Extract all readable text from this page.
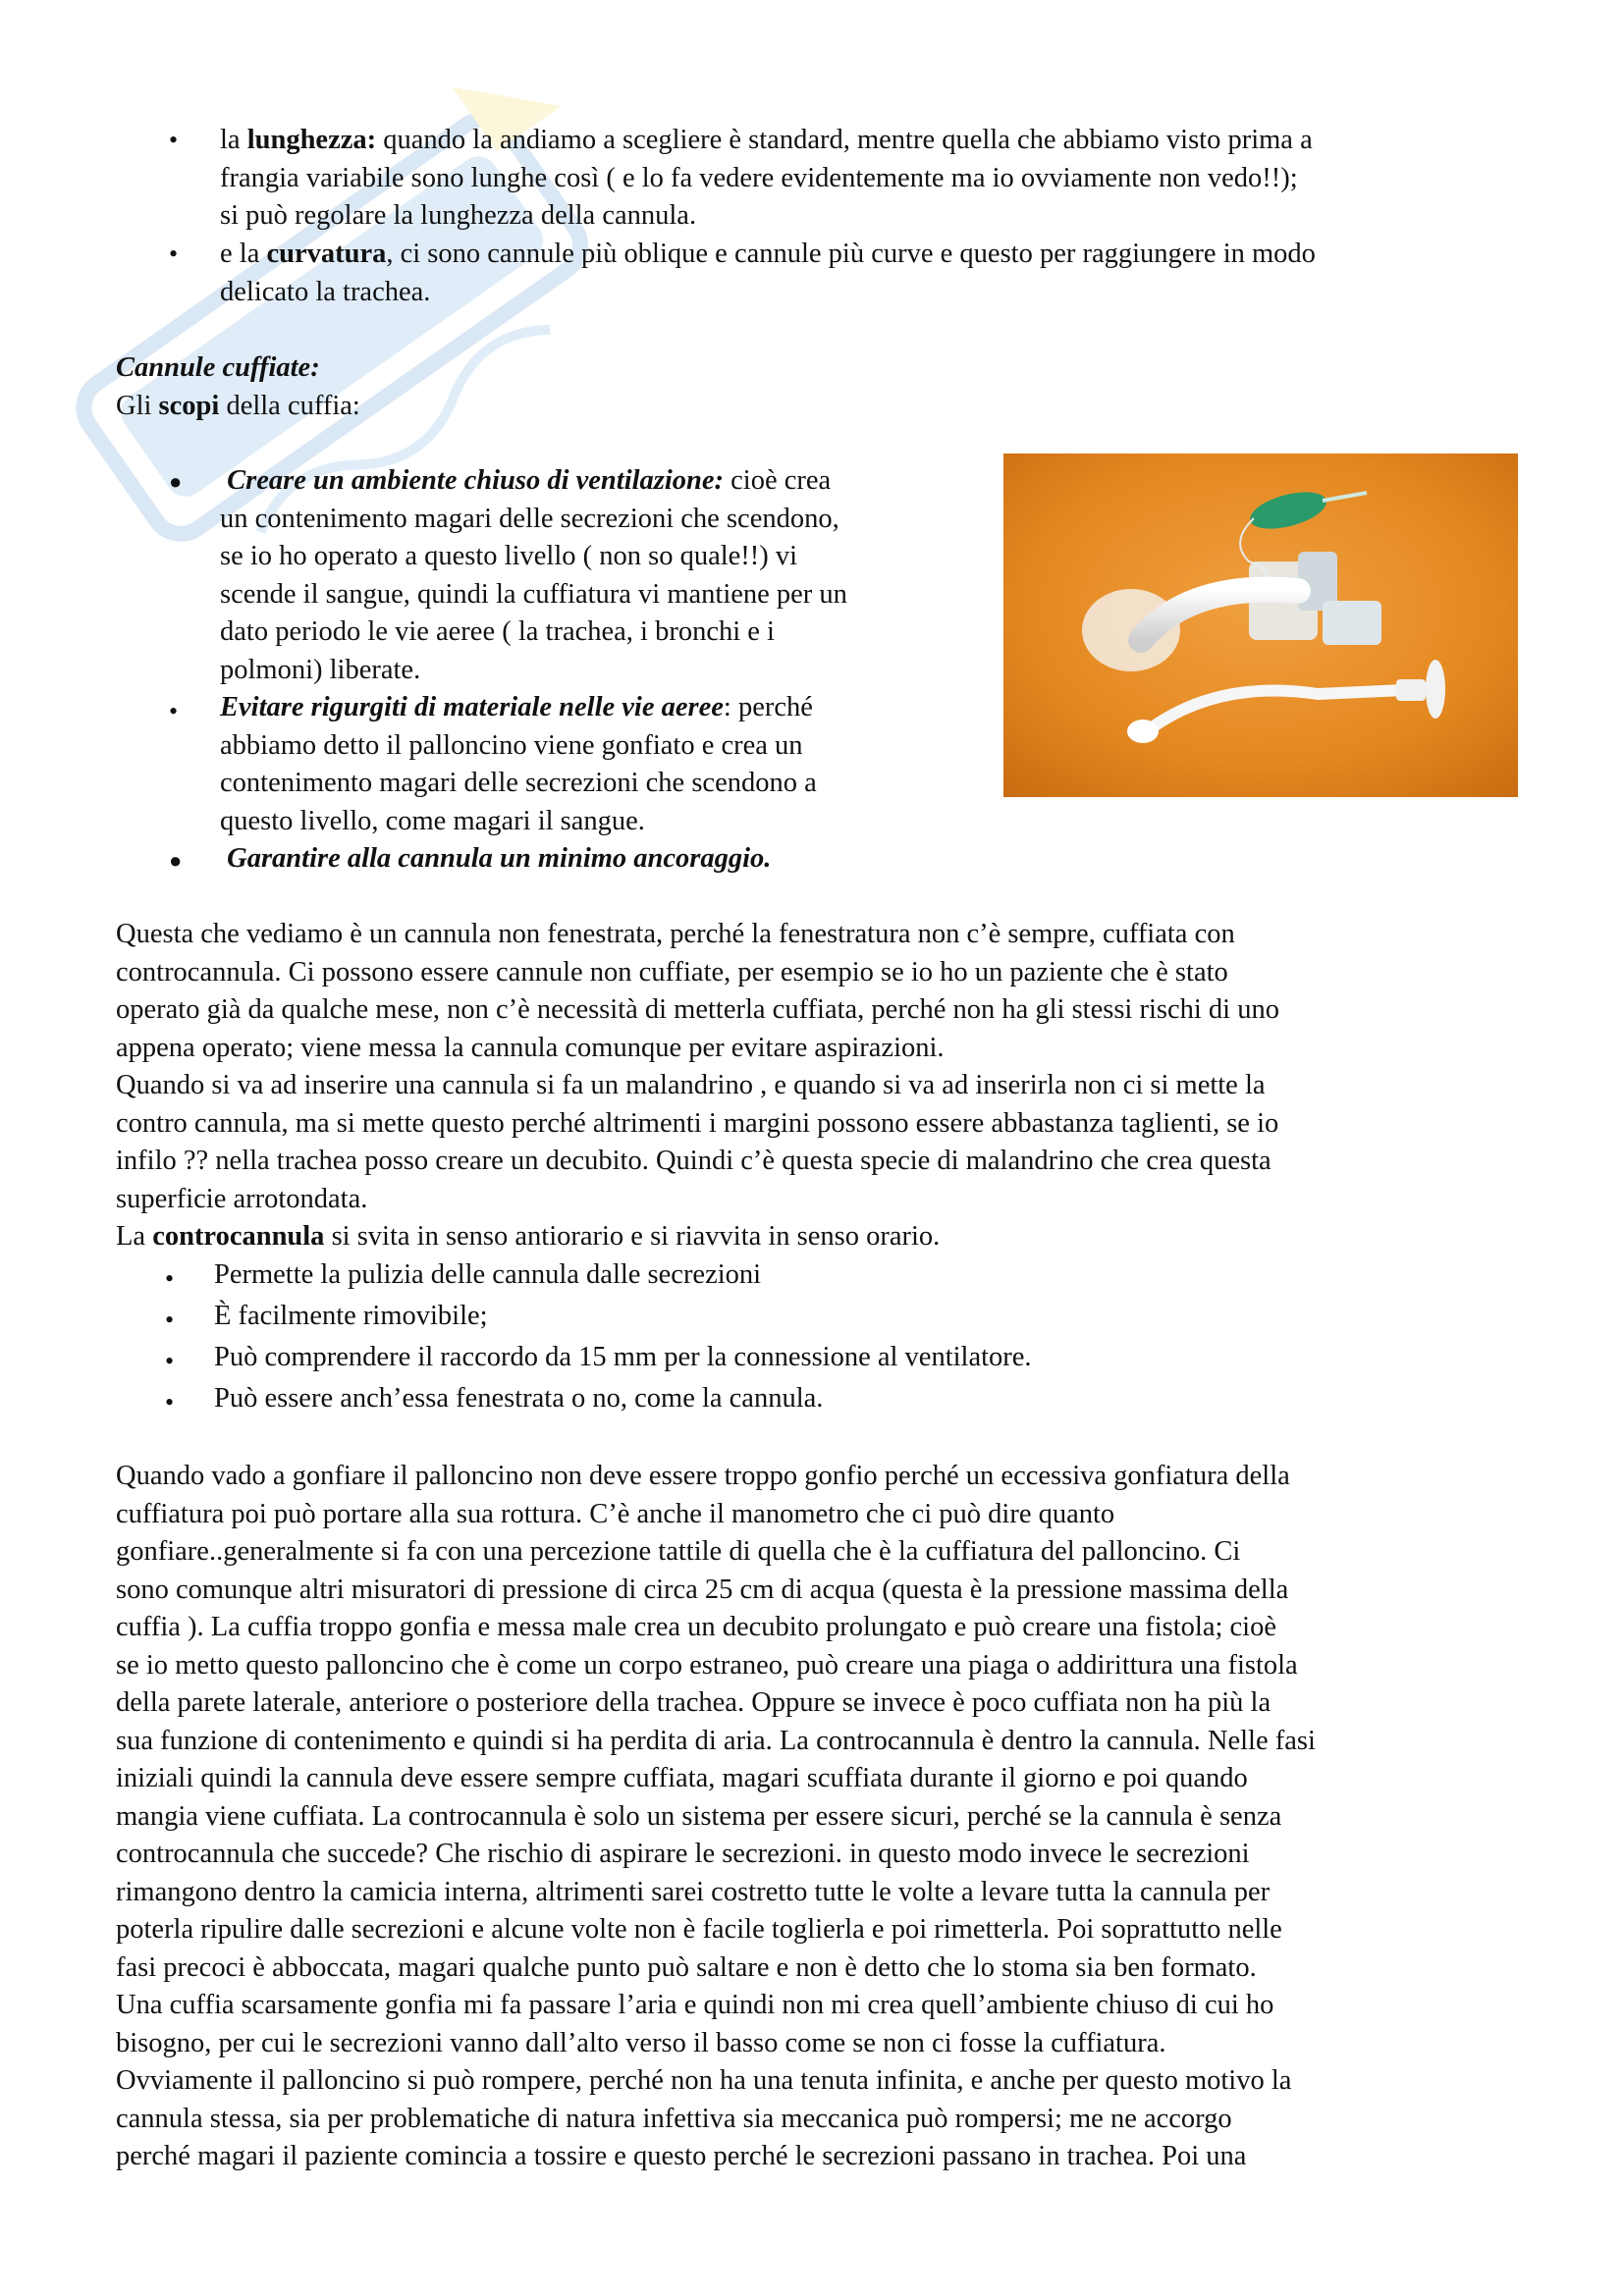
• la lunghezza: quando la andiamo a scegliere è standard, mentre quella che abbiamo visto prima a
frangia variabile sono lunghe così ( e lo fa vedere evidentemente ma io ovviamente non vedo!!);
si può regolare la lunghezza della cannula.
• e la curvatura, ci sono cannule più oblique e cannule più curve e questo per raggiungere in modo
delicato la trachea.
Cannule cuffiate:
Gli scopi della cuffia:
● Creare un ambiente chiuso di ventilazione: cioè crea
un contenimento magari delle secrezioni che scendono,
se io ho operato a questo livello ( non so quale!!) vi
scende il sangue, quindi la cuffiatura vi mantiene per un
dato periodo le vie aeree ( la trachea, i bronchi e i
polmoni) liberate.
• Evitare rigurgiti di materiale nelle vie aeree: perché
abbiamo detto il palloncino viene gonfiato e crea un
contenimento magari delle secrezioni che scendono a
questo livello, come magari il sangue.
● Garantire alla cannula un minimo ancoraggio.
Questa che vediamo è un cannula non fenestrata, perché la fenestratura non c’è sempre, cuffiata con
controcannula. Ci possono essere cannule non cuffiate, per esempio se io ho un paziente che è stato
operato già da qualche mese, non c’è necessità di metterla cuffiata, perché non ha gli stessi rischi di uno
appena operato; viene messa la cannula comunque per evitare aspirazioni.
Quando si va ad inserire una cannula si fa un malandrino , e quando si va ad inserirla non ci si mette la
contro cannula, ma si mette questo perché altrimenti i margini possono essere abbastanza taglienti, se io
infilo ?? nella trachea posso creare un decubito. Quindi c’è questa specie di malandrino che crea questa
superficie arrotondata.
La controcannula si svita in senso antiorario e si riavvita in senso orario.
• Permette la pulizia delle cannula dalle secrezioni
• È facilmente rimovibile;
• Può comprendere il raccordo da 15 mm per la connessione al ventilatore.
• Può essere anch’essa fenestrata o no, come la cannula.
Quando vado a gonfiare il palloncino non deve essere troppo gonfio perché un eccessiva gonfiatura della
cuffiatura poi può portare alla sua rottura. C’è anche il manometro che ci può dire quanto
gonfiare..generalmente si fa con una percezione tattile di quella che è la cuffiatura del palloncino. Ci
sono comunque altri misuratori di pressione di circa 25 cm di acqua (questa è la pressione massima della
cuffia ). La cuffia troppo gonfia e messa male crea un decubito prolungato e può creare una fistola; cioè
se io metto questo palloncino che è come un corpo estraneo, può creare una piaga o addirittura una fistola
della parete laterale, anteriore o posteriore della trachea. Oppure se invece è poco cuffiata non ha più la
sua funzione di contenimento e quindi si ha perdita di aria. La controcannula è dentro la cannula. Nelle fasi
iniziali quindi la cannula deve essere sempre cuffiata, magari scuffiata durante il giorno e poi quando
mangia viene cuffiata. La controcannula è solo un sistema per essere sicuri, perché se la cannula è senza
controcannula che succede? Che rischio di aspirare le secrezioni. in questo modo invece le secrezioni
rimangono dentro la camicia interna, altrimenti sarei costretto tutte le volte a levare tutta la cannula per
poterla ripulire dalle secrezioni e alcune volte non è facile toglierla e poi rimetterla. Poi soprattutto nelle
fasi precoci è abboccata, magari qualche punto può saltare e non è detto che lo stoma sia ben formato.
Una cuffia scarsamente gonfia mi fa passare l’aria e quindi non mi crea quell’ambiente chiuso di cui ho
bisogno, per cui le secrezioni vanno dall’alto verso il basso come se non ci fosse la cuffiatura.
Ovviamente il palloncino si può rompere, perché non ha una tenuta infinita, e anche per questo motivo la
cannula stessa, sia per problematiche di natura infettiva sia meccanica può rompersi; me ne accorgo
perché magari il paziente comincia a tossire e questo perché le secrezioni passano in trachea. Poi una
